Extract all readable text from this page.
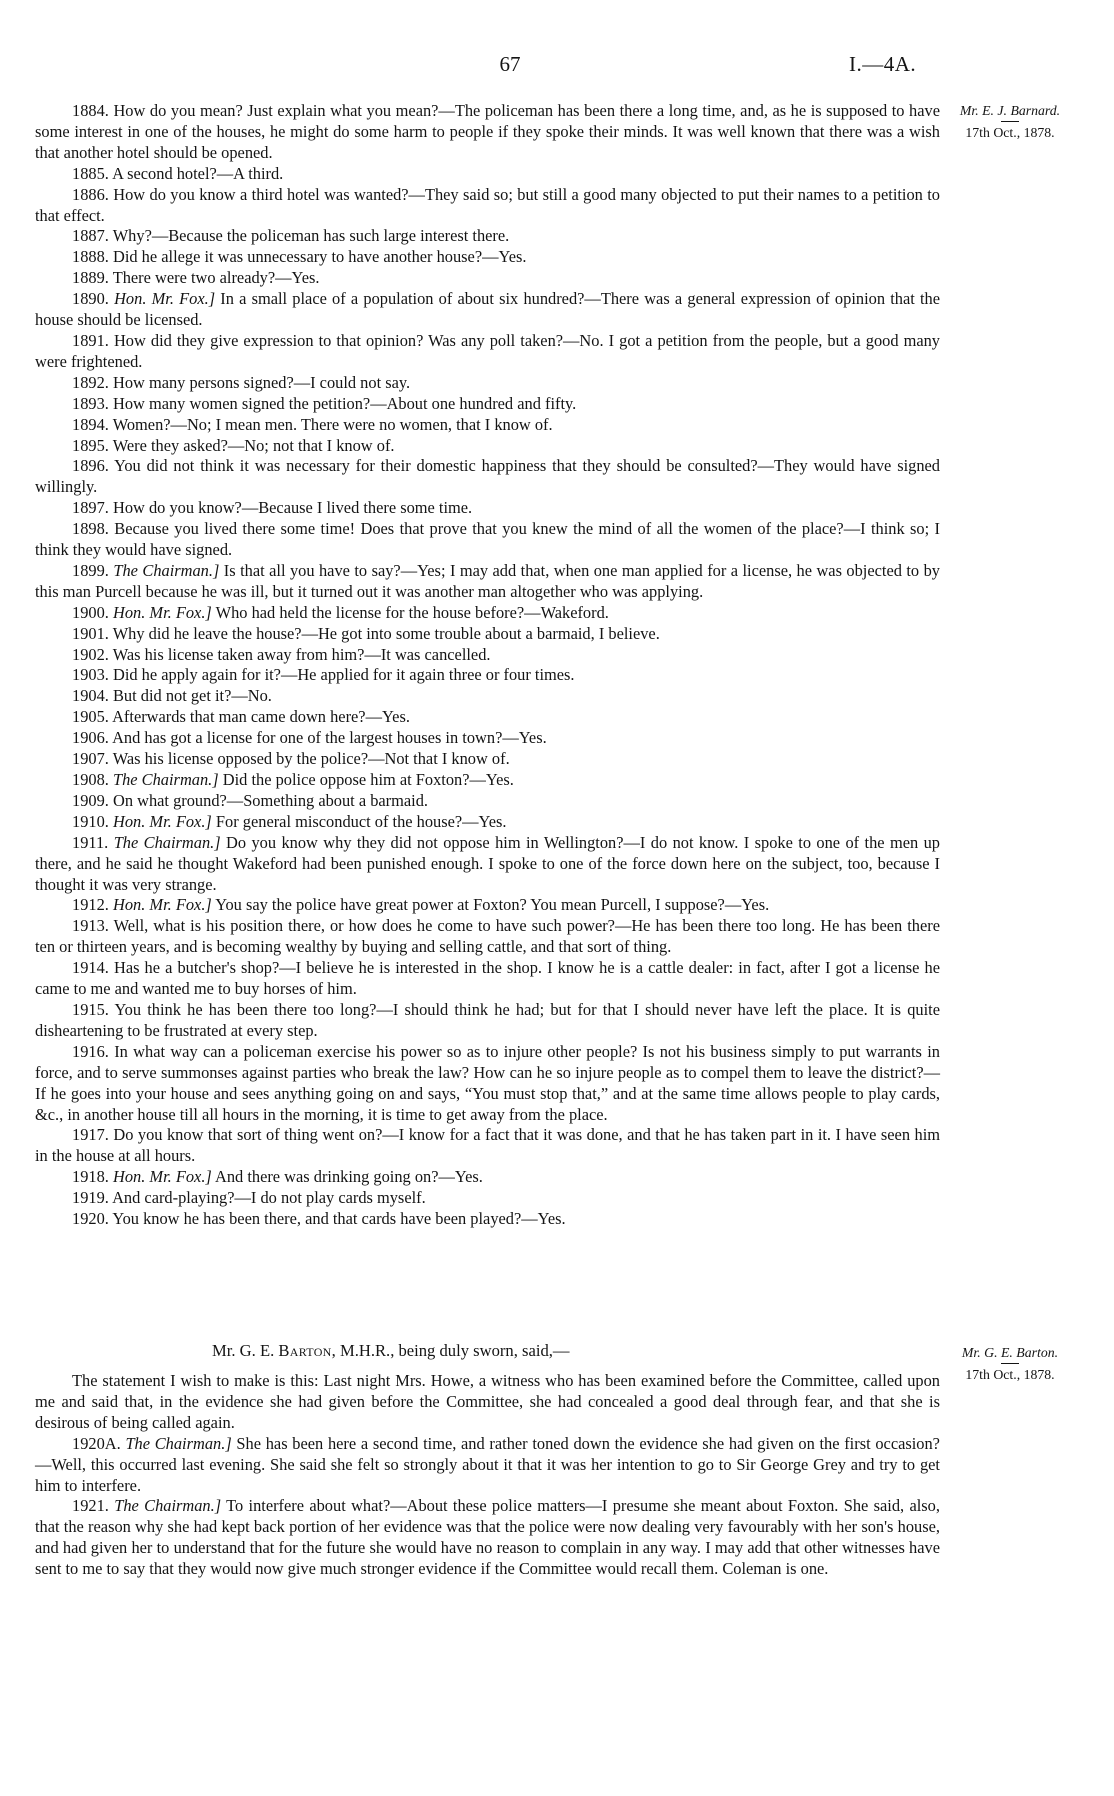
67	I.—4A.
Mr. E. J. Barnard.
17th Oct., 1878.

1884. How do you mean? Just explain what you mean?—The policeman has been there a long time, and, as he is supposed to have some interest in one of the houses, he might do some harm to people if they spoke their minds. It was well known that there was a wish that another hotel should be opened.

1885. A second hotel?—A third.

1886. How do you know a third hotel was wanted?—They said so; but still a good many objected to put their names to a petition to that effect.

1887. Why?—Because the policeman has such large interest there.

1888. Did he allege it was unnecessary to have another house?—Yes.

1889. There were two already?—Yes.

1890. Hon. Mr. Fox.] In a small place of a population of about six hundred?—There was a general expression of opinion that the house should be licensed.

1891. How did they give expression to that opinion? Was any poll taken?—No. I got a petition from the people, but a good many were frightened.

1892. How many persons signed?—I could not say.

1893. How many women signed the petition?—About one hundred and fifty.

1894. Women?—No; I mean men. There were no women, that I know of.

1895. Were they asked?—No; not that I know of.

1896. You did not think it was necessary for their domestic happiness that they should be consulted?—They would have signed willingly.

1897. How do you know?—Because I lived there some time.

1898. Because you lived there some time! Does that prove that you knew the mind of all the women of the place?—I think so; I think they would have signed.

1899. The Chairman.] Is that all you have to say?—Yes; I may add that, when one man applied for a license, he was objected to by this man Purcell because he was ill, but it turned out it was another man altogether who was applying.

1900. Hon. Mr. Fox.] Who had held the license for the house before?—Wakeford.

1901. Why did he leave the house?—He got into some trouble about a barmaid, I believe.

1902. Was his license taken away from him?—It was cancelled.

1903. Did he apply again for it?—He applied for it again three or four times.

1904. But did not get it?—No.

1905. Afterwards that man came down here?—Yes.

1906. And has got a license for one of the largest houses in town?—Yes.

1907. Was his license opposed by the police?—Not that I know of.

1908. The Chairman.] Did the police oppose him at Foxton?—Yes.

1909. On what ground?—Something about a barmaid.

1910. Hon. Mr. Fox.] For general misconduct of the house?—Yes.

1911. The Chairman.] Do you know why they did not oppose him in Wellington?—I do not know. I spoke to one of the men up there, and he said he thought Wakeford had been punished enough. I spoke to one of the force down here on the subject, too, because I thought it was very strange.

1912. Hon. Mr. Fox.] You say the police have great power at Foxton? You mean Purcell, I suppose?—Yes.

1913. Well, what is his position there, or how does he come to have such power?—He has been there too long. He has been there ten or thirteen years, and is becoming wealthy by buying and selling cattle, and that sort of thing.

1914. Has he a butcher's shop?—I believe he is interested in the shop. I know he is a cattle dealer: in fact, after I got a license he came to me and wanted me to buy horses of him.

1915. You think he has been there too long?—I should think he had; but for that I should never have left the place. It is quite disheartening to be frustrated at every step.

1916. In what way can a policeman exercise his power so as to injure other people? Is not his business simply to put warrants in force, and to serve summonses against parties who break the law? How can he so injure people as to compel them to leave the district?—If he goes into your house and sees anything going on and says, “You must stop that,” and at the same time allows people to play cards, &c., in another house till all hours in the morning, it is time to get away from the place.

1917. Do you know that sort of thing went on?—I know for a fact that it was done, and that he has taken part in it. I have seen him in the house at all hours.

1918. Hon. Mr. Fox.] And there was drinking going on?—Yes.

1919. And card-playing?—I do not play cards myself.

1920. You know he has been there, and that cards have been played?—Yes.

Mr. G. E. Barton, M.H.R., being duly sworn, said,—	Mr. G. E. Barton.
17th Oct., 1878.

The statement I wish to make is this: Last night Mrs. Howe, a witness who has been examined before the Committee, called upon me and said that, in the evidence she had given before the Committee, she had concealed a good deal through fear, and that she is desirous of being called again.

1920A. The Chairman.] She has been here a second time, and rather toned down the evidence she had given on the first occasion?—Well, this occurred last evening. She said she felt so strongly about it that it was her intention to go to Sir George Grey and try to get him to interfere.

1921. The Chairman.] To interfere about what?—About these police matters—I presume she meant about Foxton. She said, also, that the reason why she had kept back portion of her evidence was that the police were now dealing very favourably with her son's house, and had given her to understand that for the future she would have no reason to complain in any way. I may add that other witnesses have sent to me to say that they would now give much stronger evidence if the Committee would recall them. Coleman is one.
